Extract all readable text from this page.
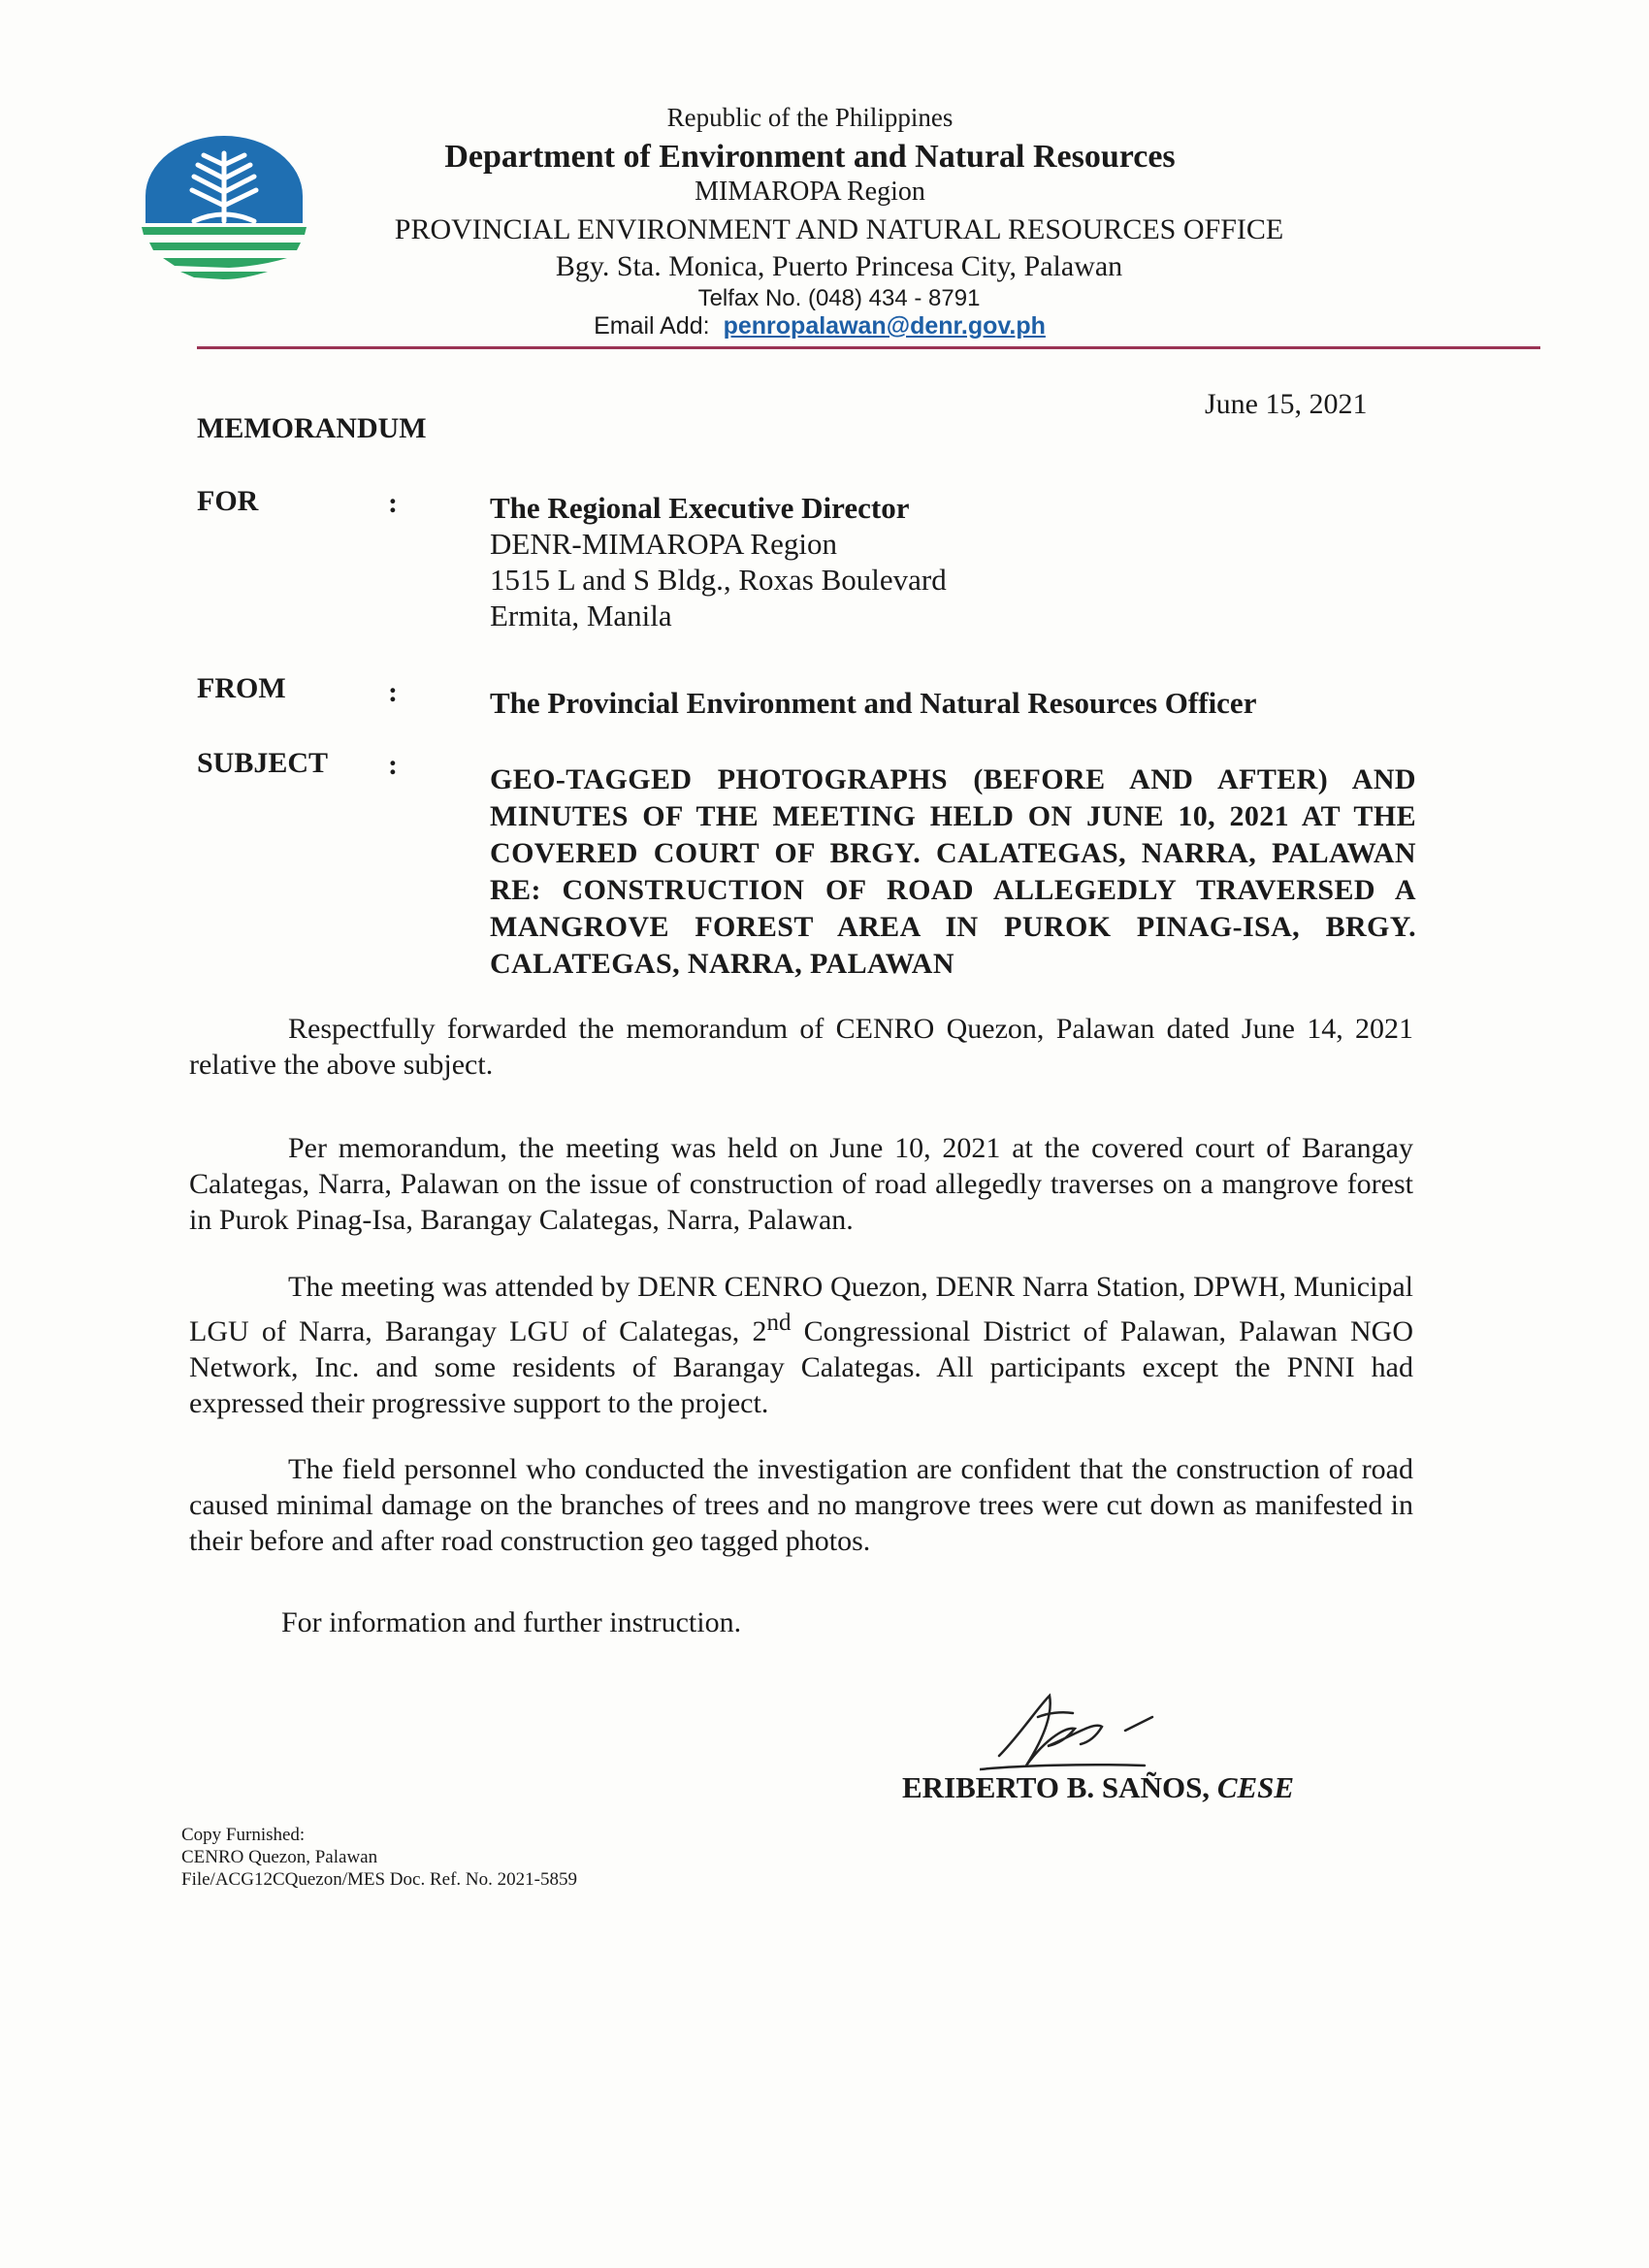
Republic of the Philippines
Department of Environment and Natural Resources
MIMAROPA Region
PROVINCIAL ENVIRONMENT AND NATURAL RESOURCES OFFICE
Bgy. Sta. Monica, Puerto Princesa City, Palawan
Telfax No. (048) 434 - 8791
Email Add: penropalawan@denr.gov.ph
June 15, 2021
MEMORANDUM
FOR	:	The Regional Executive Director
DENR-MIMAROPA Region
1515 L and S Bldg., Roxas Boulevard
Ermita, Manila
FROM	:	The Provincial Environment and Natural Resources Officer
SUBJECT :	GEO-TAGGED PHOTOGRAPHS (BEFORE AND AFTER) AND MINUTES OF THE MEETING HELD ON JUNE 10, 2021 AT THE COVERED COURT OF BRGY. CALATEGAS, NARRA, PALAWAN RE: CONSTRUCTION OF ROAD ALLEGEDLY TRAVERSED A MANGROVE FOREST AREA IN PUROK PINAG-ISA, BRGY. CALATEGAS, NARRA, PALAWAN
Respectfully forwarded the memorandum of CENRO Quezon, Palawan dated June 14, 2021 relative the above subject.
Per memorandum, the meeting was held on June 10, 2021 at the covered court of Barangay Calategas, Narra, Palawan on the issue of construction of road allegedly traverses on a mangrove forest in Purok Pinag-Isa, Barangay Calategas, Narra, Palawan.
The meeting was attended by DENR CENRO Quezon, DENR Narra Station, DPWH, Municipal LGU of Narra, Barangay LGU of Calategas, 2nd Congressional District of Palawan, Palawan NGO Network, Inc. and some residents of Barangay Calategas. All participants except the PNNI had expressed their progressive support to the project.
The field personnel who conducted the investigation are confident that the construction of road caused minimal damage on the branches of trees and no mangrove trees were cut down as manifested in their before and after road construction geo tagged photos.
For information and further instruction.
ERIBERTO B. SAÑOS, CESE
Copy Furnished:
CENRO Quezon, Palawan
File/ACG12CQuezon/MES Doc. Ref. No. 2021-5859
